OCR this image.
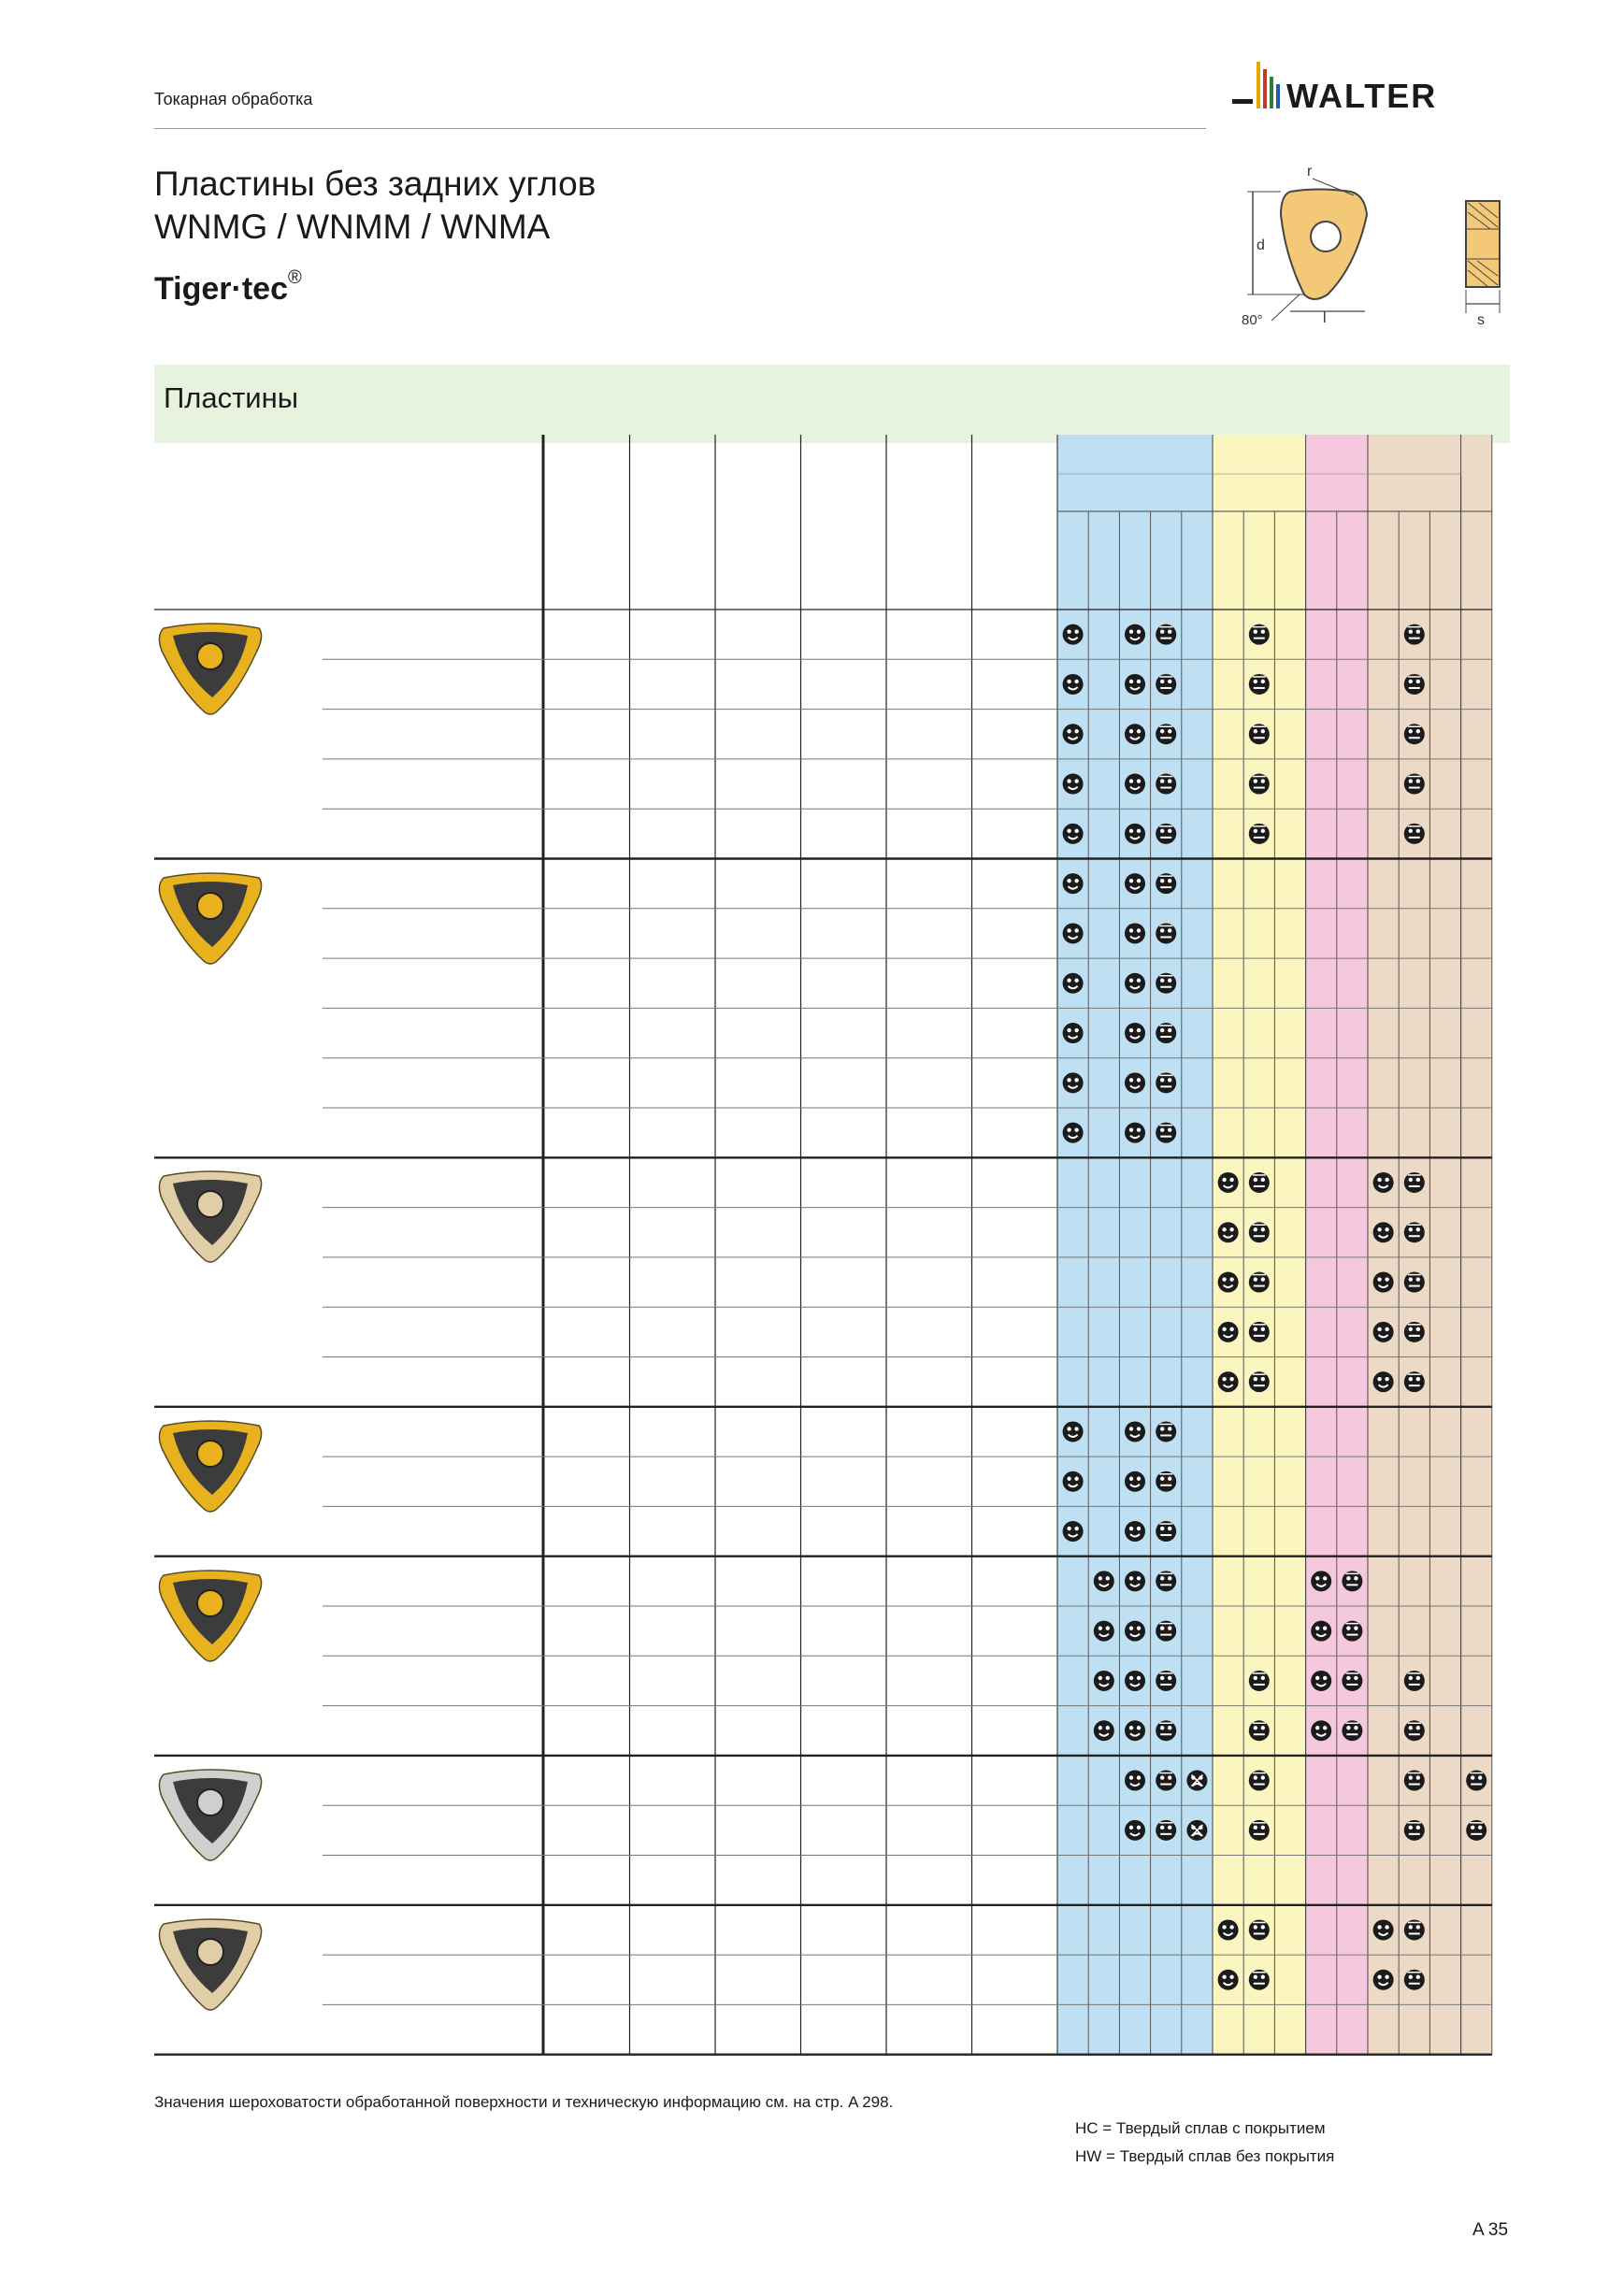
Токарная обработка	WALTER
Пластины без задних углов
WNMG / WNMM / WNMA
Tiger·tec®
d
r
l
80°	s
Пластины
Значения шероховатости обработанной поверхности и техническую информацию см. на стр. A 298.
HC = Твердый сплав с покрытием
HW = Твердый сплав без покрытия
A 35
